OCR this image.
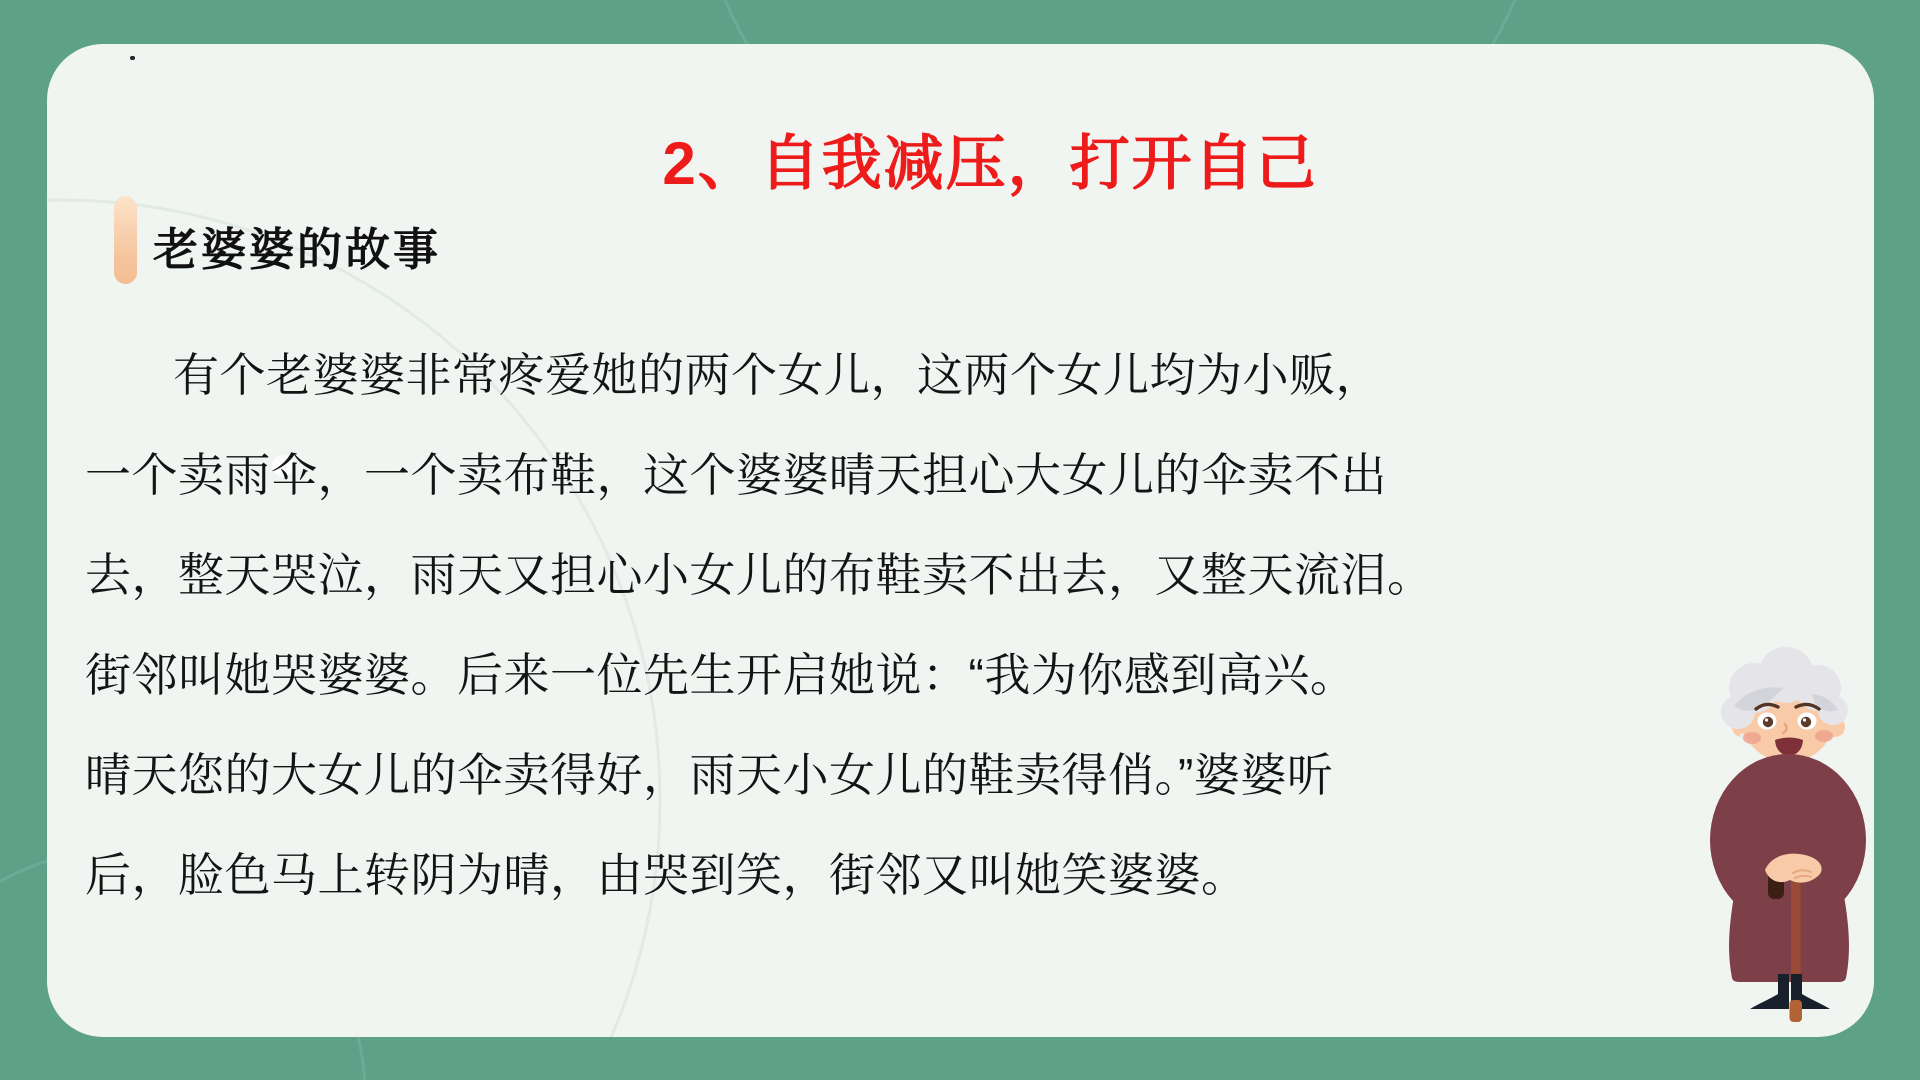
2、自我减压，打开自己
老婆婆的故事
有个老婆婆非常疼爱她的两个女儿，这两个女儿均为小贩，
一个卖雨伞，一个卖布鞋，这个婆婆晴天担心大女儿的伞卖不出
去，整天哭泣，雨天又担心小女儿的布鞋卖不出去，又整天流泪。
街邻叫她哭婆婆。后来一位先生开启她说：“我为你感到高兴。
晴天您的大女儿的伞卖得好，雨天小女儿的鞋卖得俏。”婆婆听
后，脸色马上转阴为晴，由哭到笑，街邻又叫她笑婆婆。
